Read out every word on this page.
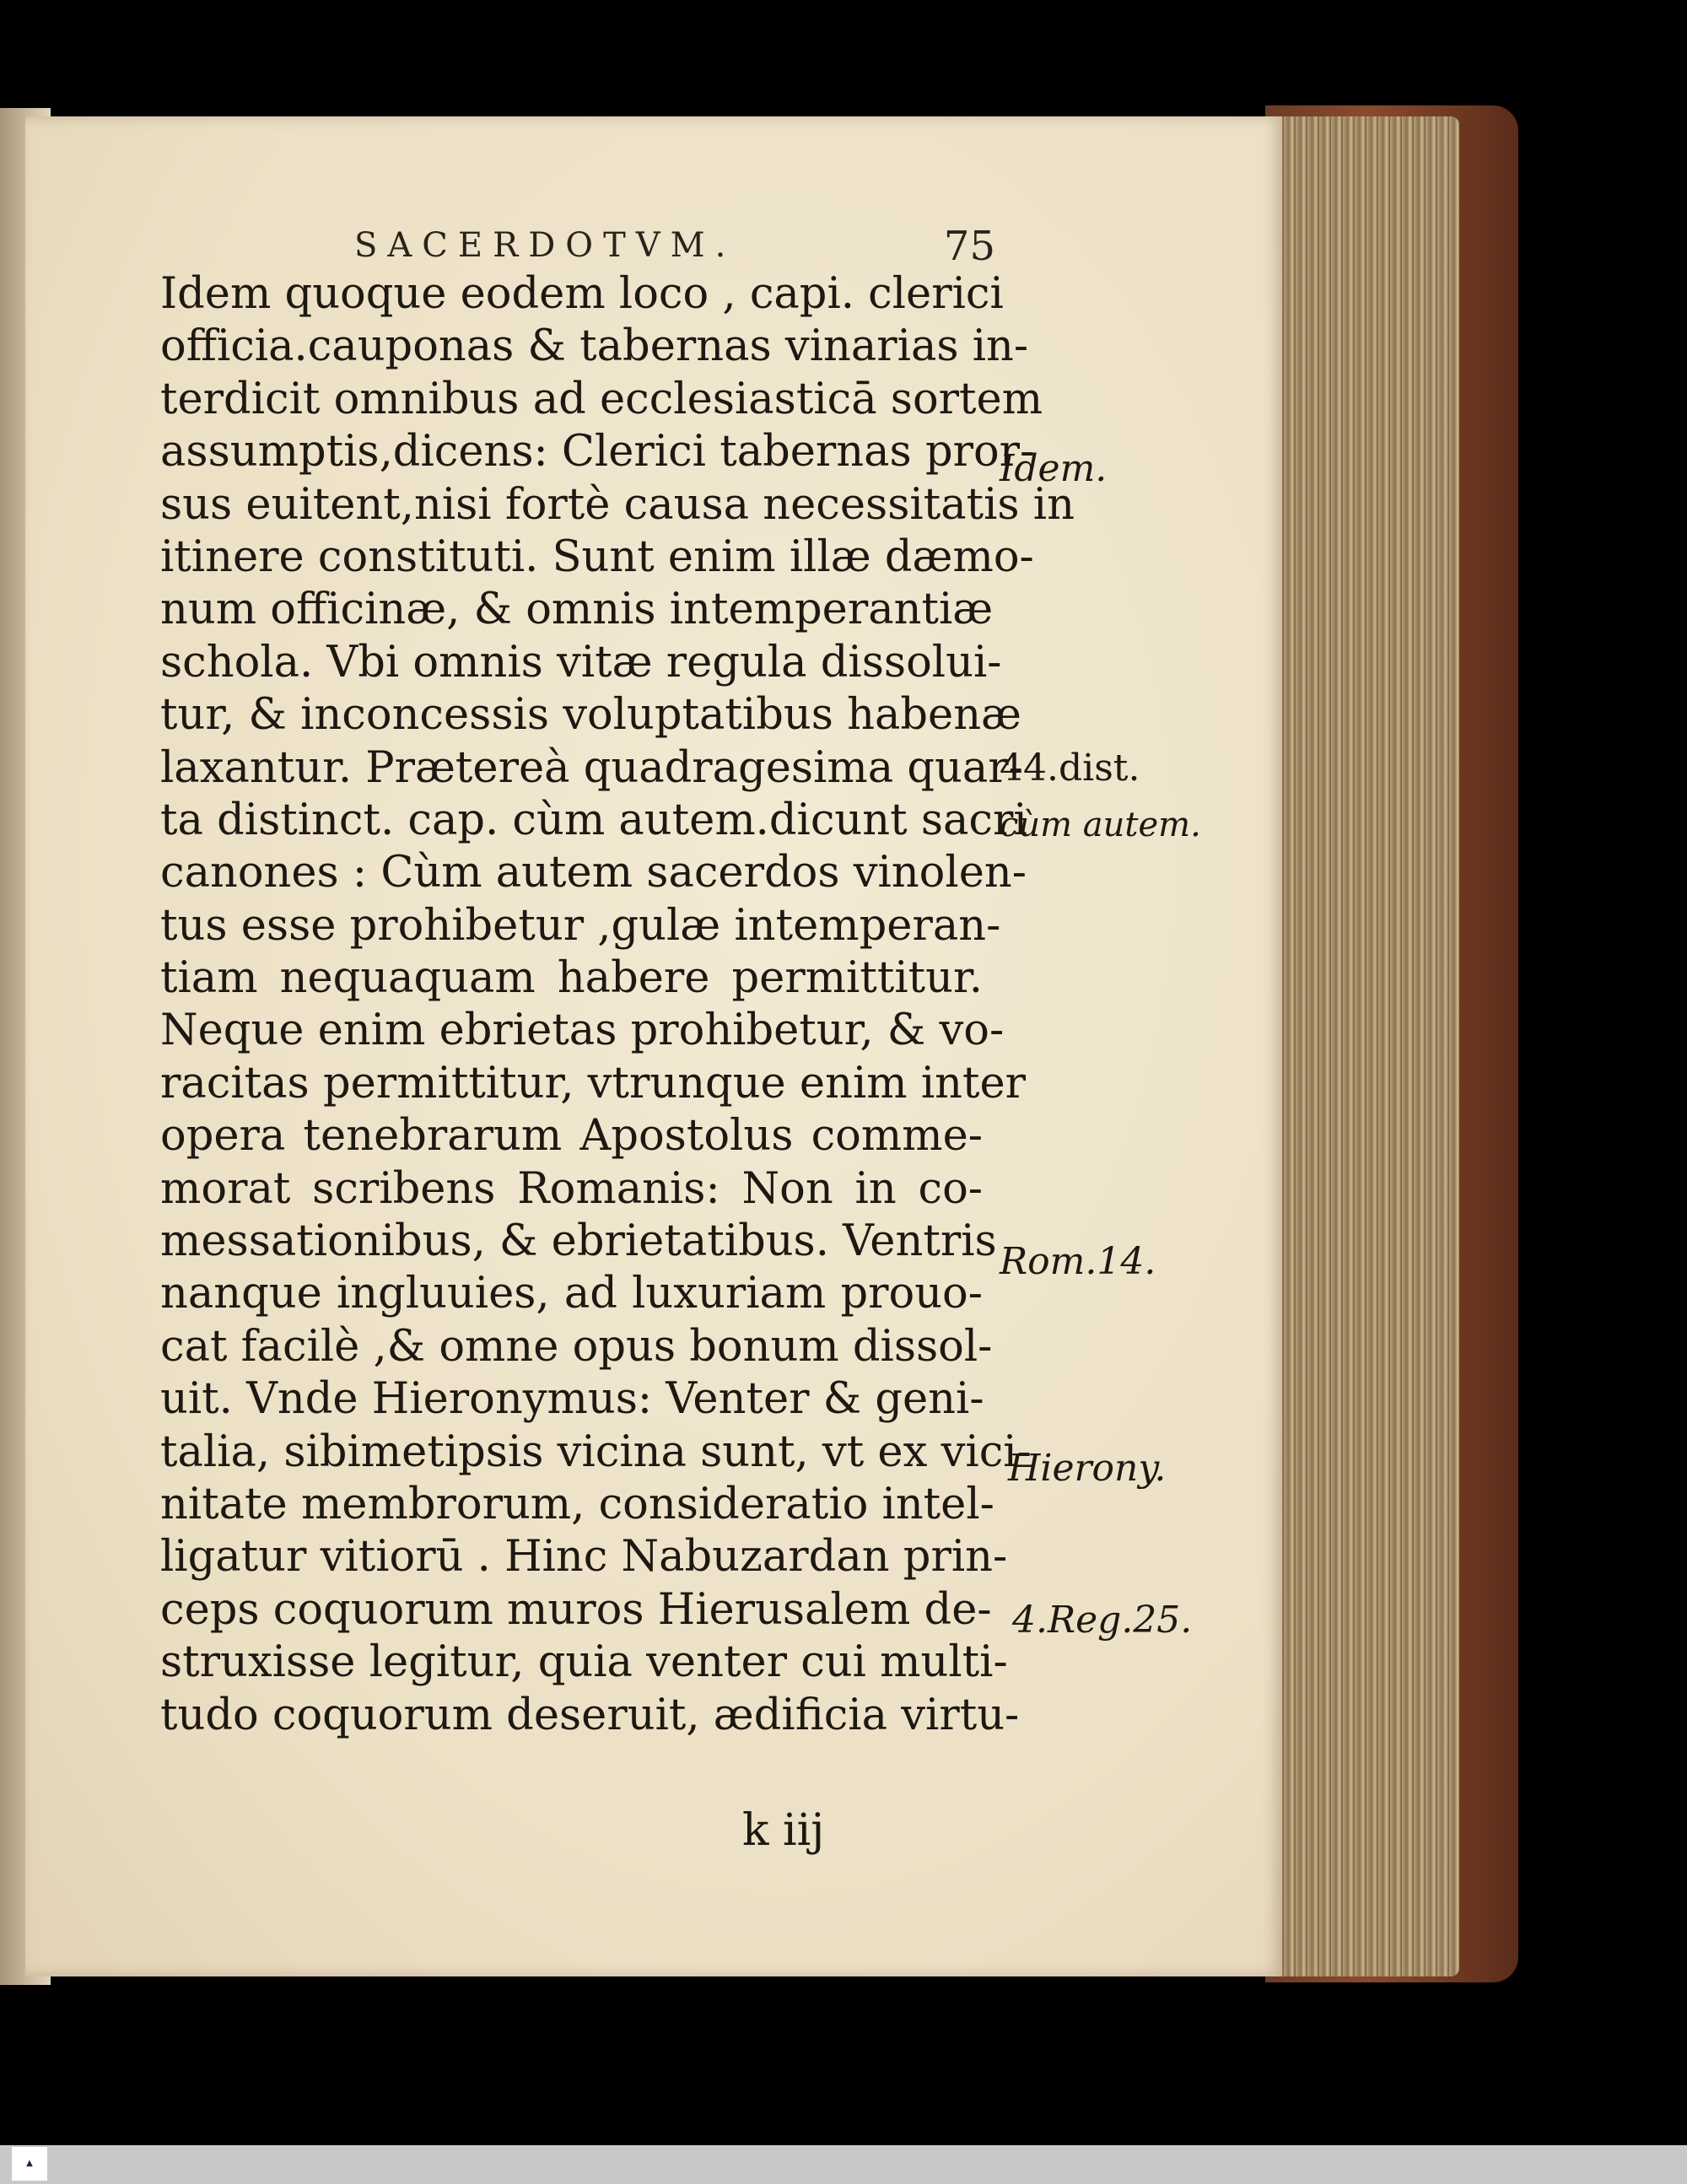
SACERDOTVM.	75
Idem quoque eodem loco , capi. clerici
officia.cauponas & tabernas vinarias in-
terdicit omnibus ad ecclesiasticā sortem
assumptis,dicens: Clerici tabernas pror-
sus euitent,nisi fortè causa necessitatis in
itinere constituti. Sunt enim illæ dæmo-
num officinæ, & omnis intemperantiæ
schola. Vbi omnis vitæ regula dissolui-
tur, & inconcessis voluptatibus habenæ
laxantur. Prætereà quadragesima quar-
ta distinct. cap. cùm autem.dicunt sacri
canones : Cùm autem sacerdos vinolen-
tus esse prohibetur ,gulæ intemperan-
tiam nequaquam habere permittitur.
Neque enim ebrietas prohibetur, & vo-
racitas permittitur, vtrunque enim inter
opera tenebrarum Apostolus comme-
morat scribens Romanis: Non in co-
messationibus, & ebrietatibus. Ventris
nanque ingluuies, ad luxuriam prouo-
cat facilè ,& omne opus bonum dissol-
uit. Vnde Hieronymus: Venter & geni-
talia, sibimetipsis vicina sunt, vt ex vici-
nitate membrorum, consideratio intel-
ligatur vitiorū . Hinc Nabuzardan prin-
ceps coquorum muros Hierusalem de-
struxisse legitur, quia venter cui multi-
tudo coquorum deseruit, ædificia virtu-
Idem.
44.dist.
cùm autem.
Rom.14.
Hierony.
4.Reg.25.
k iij
▲
